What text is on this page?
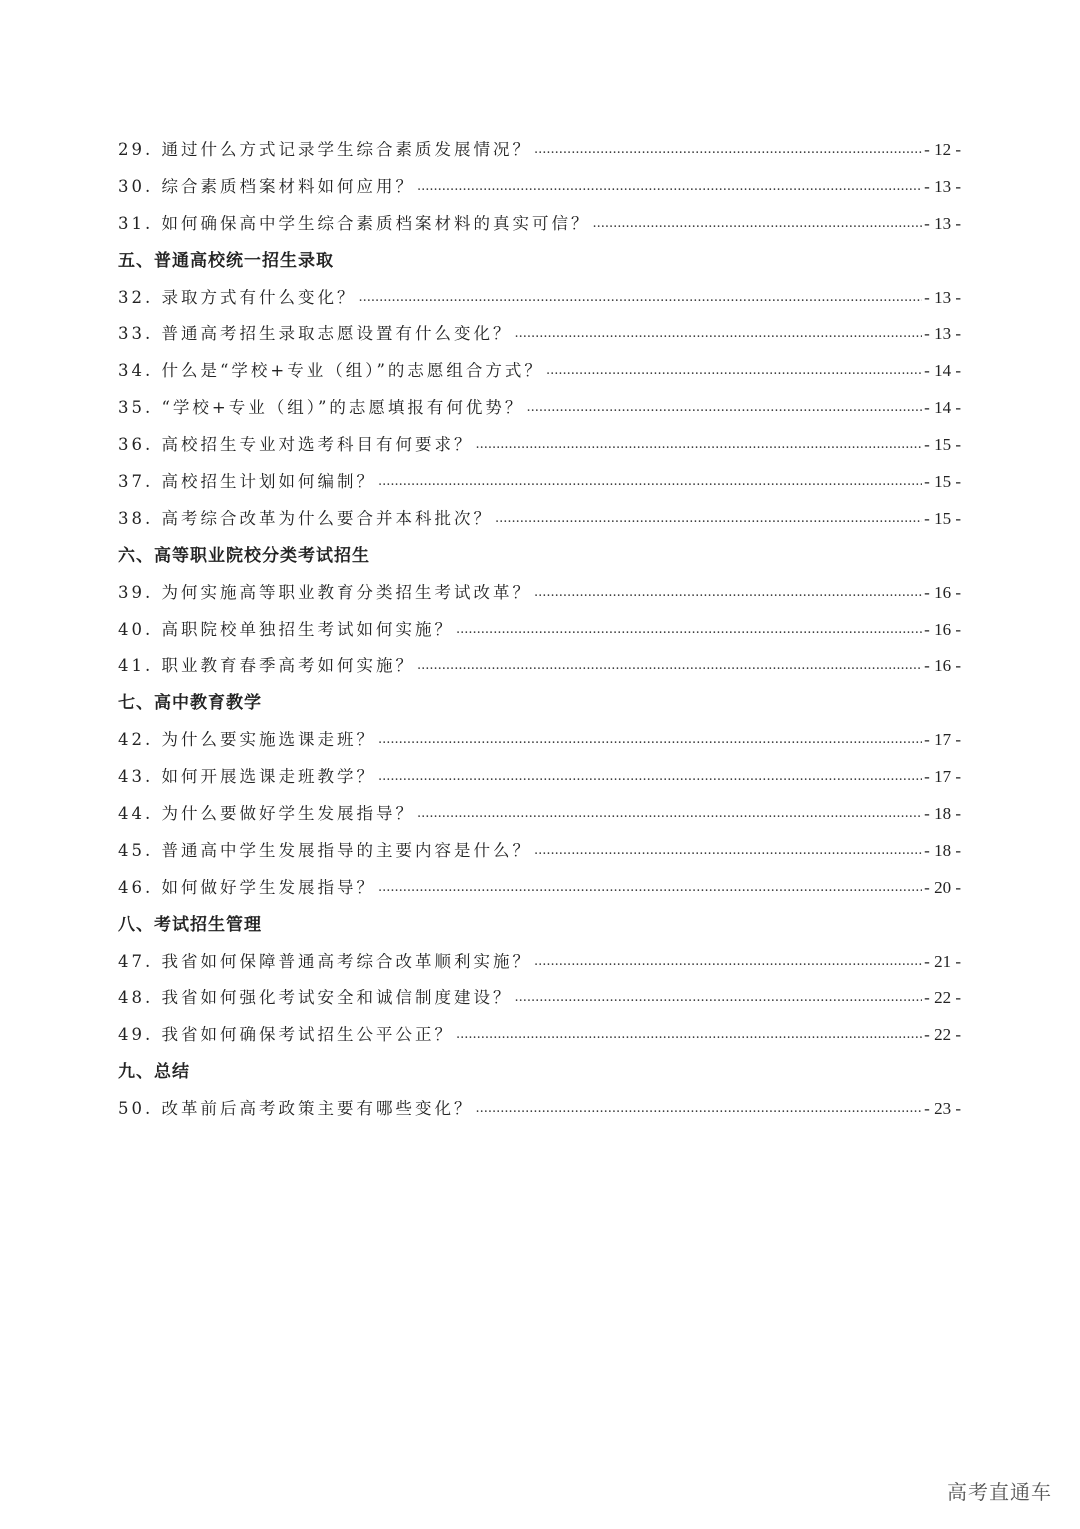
29. 通过什么方式记录学生综合素质发展情况？ .....	- 12 -
30. 综合素质档案材料如何应用？ .....	- 13 -
31. 如何确保高中学生综合素质档案材料的真实可信？ .....	- 13 -
五、普通高校统一招生录取
32. 录取方式有什么变化？ .....	- 13 -
33. 普通高考招生录取志愿设置有什么变化？ .....	- 13 -
34. 什么是“学校+专业（组）”的志愿组合方式？ .....	- 14 -
35. “学校+专业（组）”的志愿填报有何优势？ .....	- 14 -
36. 高校招生专业对选考科目有何要求？ .....	- 15 -
37. 高校招生计划如何编制？ .....	- 15 -
38. 高考综合改革为什么要合并本科批次？ .....	- 15 -
六、高等职业院校分类考试招生
39. 为何实施高等职业教育分类招生考试改革？ .....	- 16 -
40. 高职院校单独招生考试如何实施？ .....	- 16 -
41. 职业教育春季高考如何实施？ .....	- 16 -
七、高中教育教学
42. 为什么要实施选课走班？ .....	- 17 -
43. 如何开展选课走班教学？ .....	- 17 -
44. 为什么要做好学生发展指导？ .....	- 18 -
45. 普通高中学生发展指导的主要内容是什么？ .....	- 18 -
46. 如何做好学生发展指导？ .....	- 20 -
八、考试招生管理
47. 我省如何保障普通高考综合改革顺利实施？ .....	- 21 -
48. 我省如何强化考试安全和诚信制度建设？ .....	- 22 -
49. 我省如何确保考试招生公平公正？ .....	- 22 -
九、总结
50. 改革前后高考政策主要有哪些变化？ .....	- 23 -
高考直通车
